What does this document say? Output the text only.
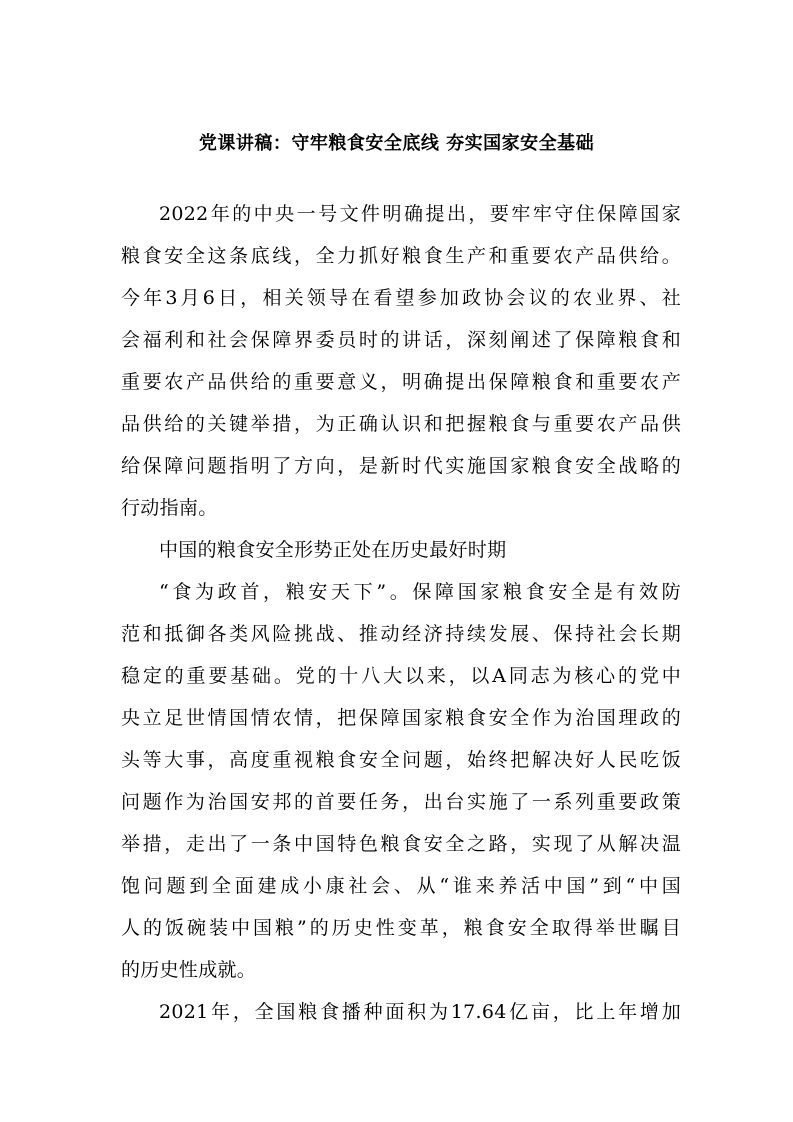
党课讲稿：守牢粮食安全底线 夯实国家安全基础
2022年的中央一号文件明确提出，要牢牢守住保障国家
粮食安全这条底线，全力抓好粮食生产和重要农产品供给。
今年3月6日，相关领导在看望参加政协会议的农业界、社
会福利和社会保障界委员时的讲话，深刻阐述了保障粮食和
重要农产品供给的重要意义，明确提出保障粮食和重要农产
品供给的关键举措，为正确认识和把握粮食与重要农产品供
给保障问题指明了方向，是新时代实施国家粮食安全战略的
行动指南。
中国的粮食安全形势正处在历史最好时期
“食为政首，粮安天下”。保障国家粮食安全是有效防
范和抵御各类风险挑战、推动经济持续发展、保持社会长期
稳定的重要基础。党的十八大以来，以A同志为核心的党中
央立足世情国情农情，把保障国家粮食安全作为治国理政的
头等大事，高度重视粮食安全问题，始终把解决好人民吃饭
问题作为治国安邦的首要任务，出台实施了一系列重要政策
举措，走出了一条中国特色粮食安全之路，实现了从解决温
饱问题到全面建成小康社会、从“谁来养活中国”到“中国
人的饭碗装中国粮”的历史性变革，粮食安全取得举世瞩目
的历史性成就。
2021年，全国粮食播种面积为17.64亿亩，比上年增加
